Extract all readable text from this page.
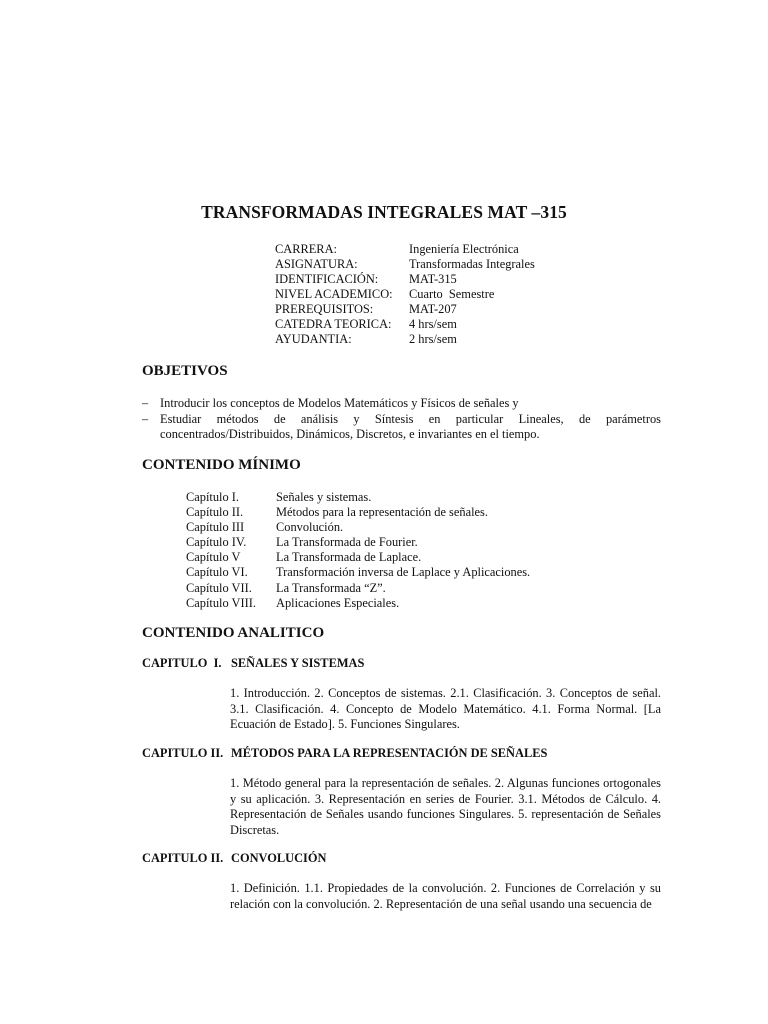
TRANSFORMADAS INTEGRALES MAT –315
CARRERA:	Ingeniería Electrónica
ASIGNATURA:	Transformadas Integrales
IDENTIFICACIÓN:	MAT-315
NIVEL ACADEMICO:	Cuarto  Semestre
PREREQUISITOS:	MAT-207
CATEDRA TEORICA:	4 hrs/sem
AYUDANTIA:	2 hrs/sem
OBJETIVOS
– Introducir los conceptos de Modelos Matemáticos y Físicos de señales y
– Estudiar métodos de análisis y Síntesis en particular Lineales, de parámetros concentrados/Distribuidos, Dinámicos, Discretos, e invariantes en el tiempo.
CONTENIDO MÍNIMO
Capítulo I.	Señales y sistemas.
Capítulo II.	Métodos para la representación de señales.
Capítulo III	Convolución.
Capítulo IV.	La Transformada de Fourier.
Capítulo V	La Transformada de Laplace.
Capítulo VI.	Transformación inversa de Laplace y Aplicaciones.
Capítulo VII.	La Transformada “Z”.
Capítulo VIII.	Aplicaciones Especiales.
CONTENIDO ANALITICO
CAPITULO  I. SEÑALES Y SISTEMAS
1. Introducción. 2. Conceptos de sistemas. 2.1. Clasificación. 3. Conceptos de señal. 3.1. Clasificación. 4. Concepto de Modelo Matemático. 4.1. Forma Normal. [La Ecuación de Estado]. 5. Funciones Singulares.
CAPITULO II. MÉTODOS PARA LA REPRESENTACIÓN DE SEÑALES
1. Método general para la representación de señales. 2. Algunas funciones ortogonales y su aplicación. 3. Representación en series de Fourier. 3.1. Métodos de Cálculo. 4. Representación de Señales usando funciones Singulares. 5. representación de Señales Discretas.
CAPITULO II. CONVOLUCIÓN
1. Definición. 1.1. Propiedades de la convolución. 2. Funciones de Correlación y su relación con la convolución. 2. Representación de una señal usando una secuencia de
